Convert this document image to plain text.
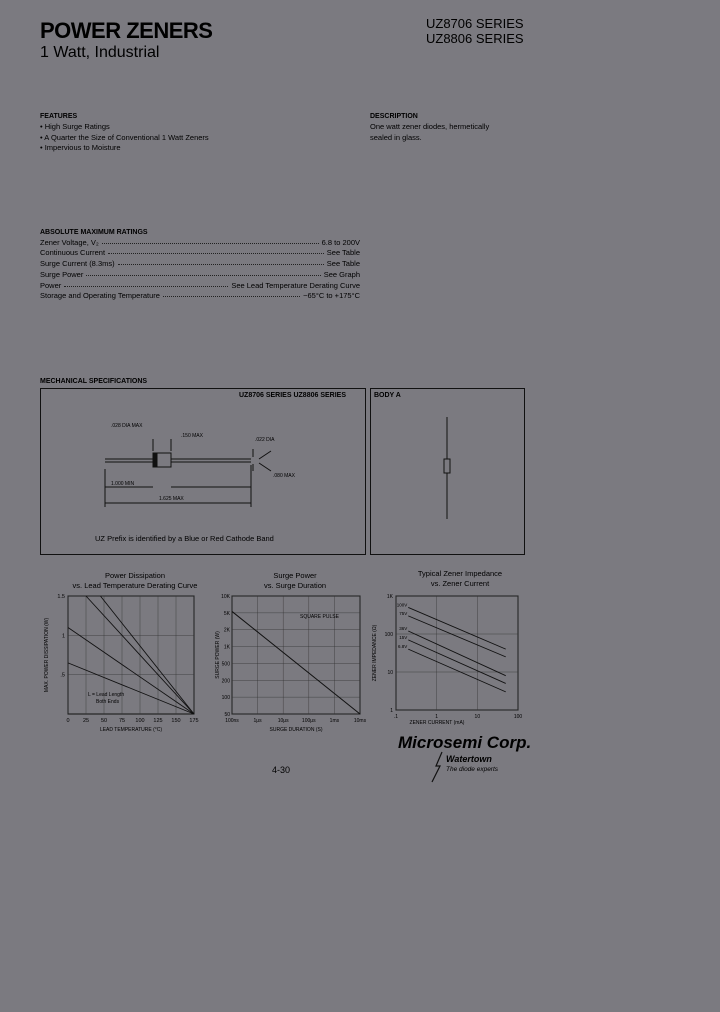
POWER ZENERS
1 Watt, Industrial
UZ8706 SERIES
UZ8806 SERIES
FEATURES
• High Surge Ratings
• A Quarter the Size of Conventional 1 Watt Zeners
• Impervious to Moisture
DESCRIPTION
One watt zener diodes, hermetically
sealed in glass.
ABSOLUTE MAXIMUM RATINGS
Zener Voltage, V₂	6.8 to 200V
Continuous Current	See Table
Surge Current (8.3ms)	See Table
Surge Power	See Graph
Power	See Lead Temperature Derating Curve
Storage and Operating Temperature	−65°C to +175°C
MECHANICAL SPECIFICATIONS
UZ8706 SERIES UZ8806 SERIES
.028 DIA MAX
.150 MAX
1.000 MIN
1.625 MAX
.022 DIA
.080 MAX
UZ Prefix is identified by a Blue or Red Cathode Band
BODY A
Power Dissipation
vs. Lead Temperature Derating Curve
0 25 50 75 100 125 150 175
1.5
1
.5
MAX. POWER DISSIPATION (W)
LEAD TEMPERATURE (°C)
L = Lead Length
Both Ends
Surge Power
vs. Surge Duration
100ns	1μs	10μs	100μs	1ms	10ms
10K
5K
2K
1K
500
200
100
50
SQUARE PULSE
SURGE POWER (W)
SURGE DURATION (S)
Typical Zener Impedance
vs. Zener Current
.1	1	10	100
1K
100
10
1
100V
75V
36V
15V
6.8V
ZENER IMPEDANCE (Ω)
ZENER CURRENT (mA)
4-30
Microsemi Corp.
Watertown
The diode experts
